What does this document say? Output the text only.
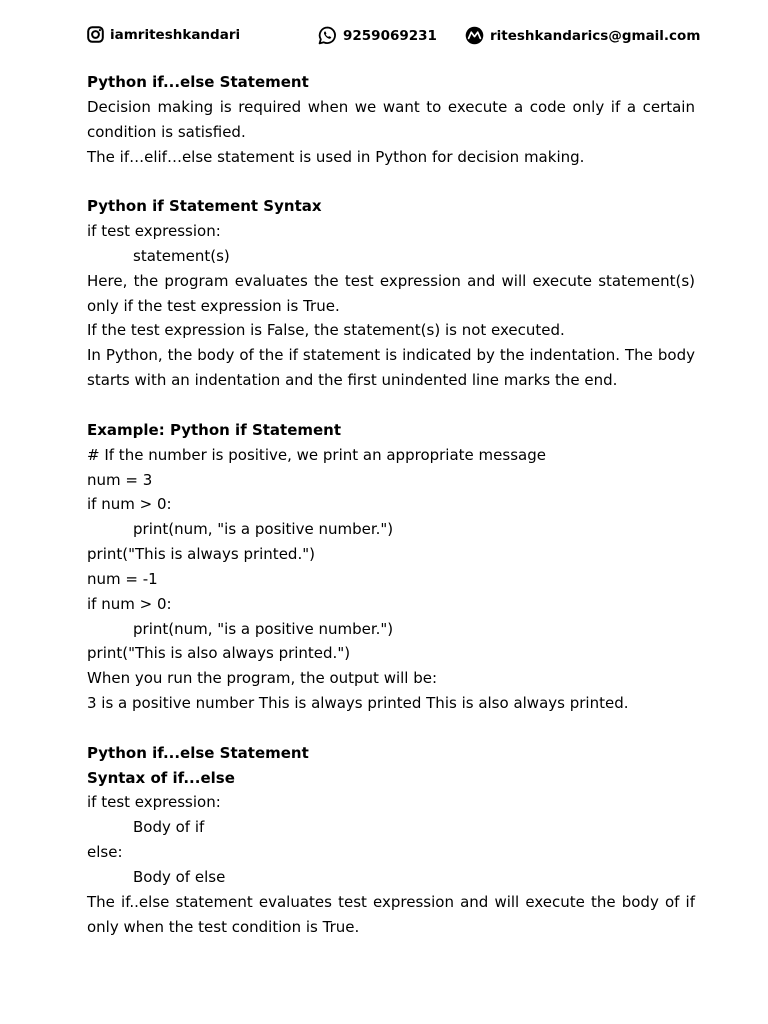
iamriteshkandari	9259069231	riteshkandarics@gmail.com
Python if...else Statement
Decision making is required when we want to execute a code only if a certain condition is satisfied.
The if…elif…else statement is used in Python for decision making.
Python if Statement Syntax
if test expression:
statement(s)
Here, the program evaluates the test expression and will execute statement(s) only if the test expression is True.
If the test expression is False, the statement(s) is not executed.
In Python, the body of the if statement is indicated by the indentation. The body starts with an indentation and the first unindented line marks the end.
Example: Python if Statement
# If the number is positive, we print an appropriate message
num = 3
if num > 0:
print(num, "is a positive number.")
print("This is always printed.")
num = -1
if num > 0:
print(num, "is a positive number.")
print("This is also always printed.")
When you run the program, the output will be:
3 is a positive number This is always printed This is also always printed.
Python if...else Statement
Syntax of if...else
if test expression:
Body of if
else:
Body of else
The if..else statement evaluates test expression and will execute the body of if only when the test condition is True.
